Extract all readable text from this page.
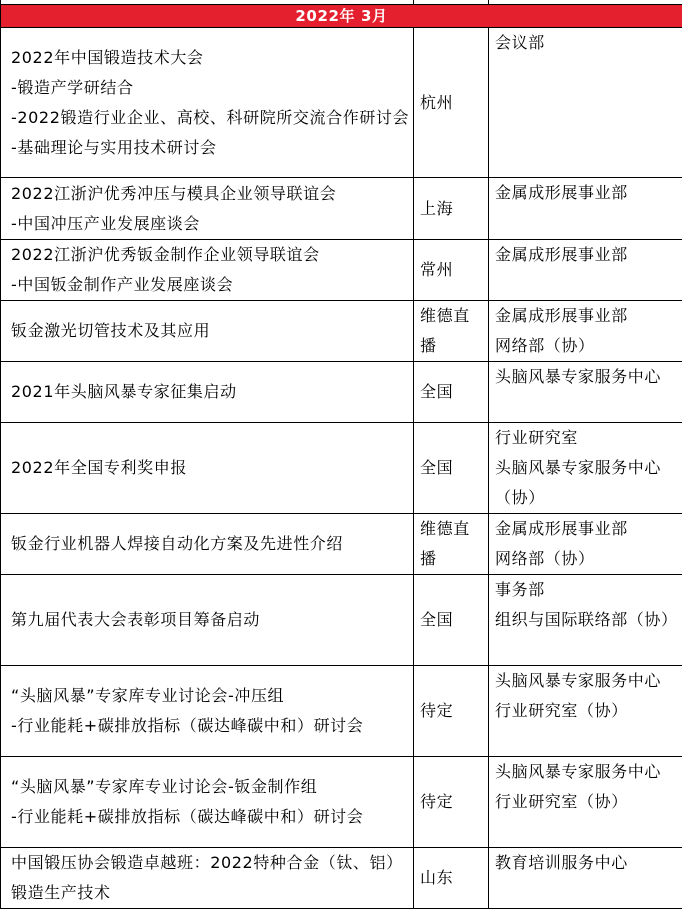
2022年 3月		

2022年中国锻造技术大会
-锻造产学研结合
-2022锻造行业企业、高校、科研院所交流合作研讨会
-基础理论与实用技术研讨会	杭州	会议部

2022江浙沪优秀冲压与模具企业领导联谊会
-中国冲压产业发展座谈会	上海	金属成形展事业部

2022江浙沪优秀钣金制作企业领导联谊会
-中国钣金制作产业发展座谈会	常州	金属成形展事业部

钣金激光切管技术及其应用	维德直播	金属成形展事业部
网络部（协）

2021年头脑风暴专家征集启动	全国	头脑风暴专家服务中心

2022年全国专利奖申报	全国	行业研究室
头脑风暴专家服务中心（协）

钣金行业机器人焊接自动化方案及先进性介绍	维德直播	金属成形展事业部
网络部（协）

第九届代表大会表彰项目筹备启动	全国	事务部
组织与国际联络部（协）

“头脑风暴”专家库专业讨论会-冲压组
-行业能耗+碳排放指标（碳达峰碳中和）研讨会	待定	头脑风暴专家服务中心
行业研究室（协）

“头脑风暴”专家库专业讨论会-钣金制作组
-行业能耗+碳排放指标（碳达峰碳中和）研讨会	待定	头脑风暴专家服务中心
行业研究室（协）

中国锻压协会锻造卓越班：2022特种合金（钛、铝）锻造生产技术	山东	教育培训服务中心
